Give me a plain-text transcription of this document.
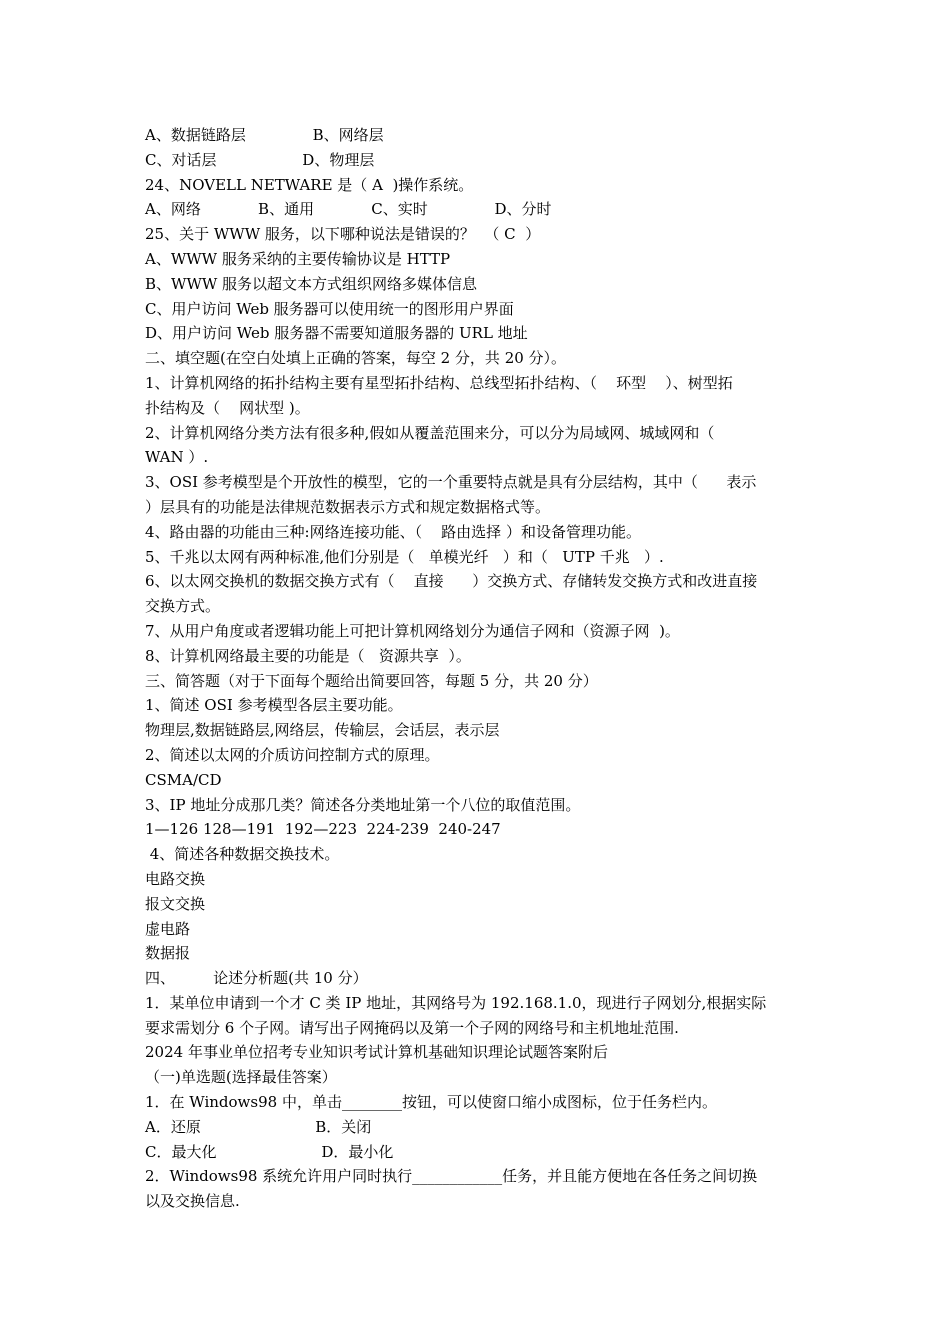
A、数据链路层              B、网络层
C、对话层                  D、物理层
24、NOVELL NETWARE 是（ A  )操作系统。
A、网络            B、通用            C、实时              D、分时
25、关于 WWW 服务，以下哪种说法是错误的？  （ C  ）
A、WWW 服务采纳的主要传输协议是 HTTP
B、WWW 服务以超文本方式组织网络多媒体信息
C、用户访问 Web 服务器可以使用统一的图形用户界面
D、用户访问 Web 服务器不需要知道服务器的 URL 地址
二、填空题(在空白处填上正确的答案，每空 2 分，共 20 分）。
1、计算机网络的拓扑结构主要有星型拓扑结构、总线型拓扑结构、（    环型    ）、树型拓
扑结构及（    网状型 )。
2、计算机网络分类方法有很多种,假如从覆盖范围来分，可以分为局域网、城域网和（
WAN ）.
3、OSI 参考模型是个开放性的模型，它的一个重要特点就是具有分层结构，其中（      表示
）层具有的功能是法律规范数据表示方式和规定数据格式等。
4、路由器的功能由三种:网络连接功能、（    路由选择 ）和设备管理功能。
5、千兆以太网有两种标准,他们分别是（   单模光纤   ）和（   UTP 千兆   ）.
6、以太网交换机的数据交换方式有（    直接      ）交换方式、存储转发交换方式和改进直接
交换方式。
7、从用户角度或者逻辑功能上可把计算机网络划分为通信子网和（资源子网  )。
8、计算机网络最主要的功能是（   资源共享  ）。
三、简答题（对于下面每个题给出简要回答，每题 5 分，共 20 分）
1、简述 OSI 参考模型各层主要功能。
物理层,数据链路层,网络层，传输层，会话层，表示层
2、简述以太网的介质访问控制方式的原理。
CSMA/CD
3、IP 地址分成那几类？简述各分类地址第一个八位的取值范围。
1—126 128—191  192—223  224-239  240-247
4、简述各种数据交换技术。
电路交换
报文交换
虚电路
数据报
四、        论述分析题(共 10 分）
1．某单位申请到一个才 C 类 IP 地址，其网络号为 192.168.1.0，现进行子网划分,根据实际
要求需划分 6 个子网。请写出子网掩码以及第一个子网的网络号和主机地址范围.
2024 年事业单位招考专业知识考试计算机基础知识理论试题答案附后
（一)单选题(选择最佳答案）
1．在 Windows98 中，单击________按钮，可以使窗口缩小成图标，位于任务栏内。
A．还原                        B．关闭
C．最大化                      D．最小化
2．Windows98 系统允许用户同时执行____________任务，并且能方便地在各任务之间切换
以及交换信息.
